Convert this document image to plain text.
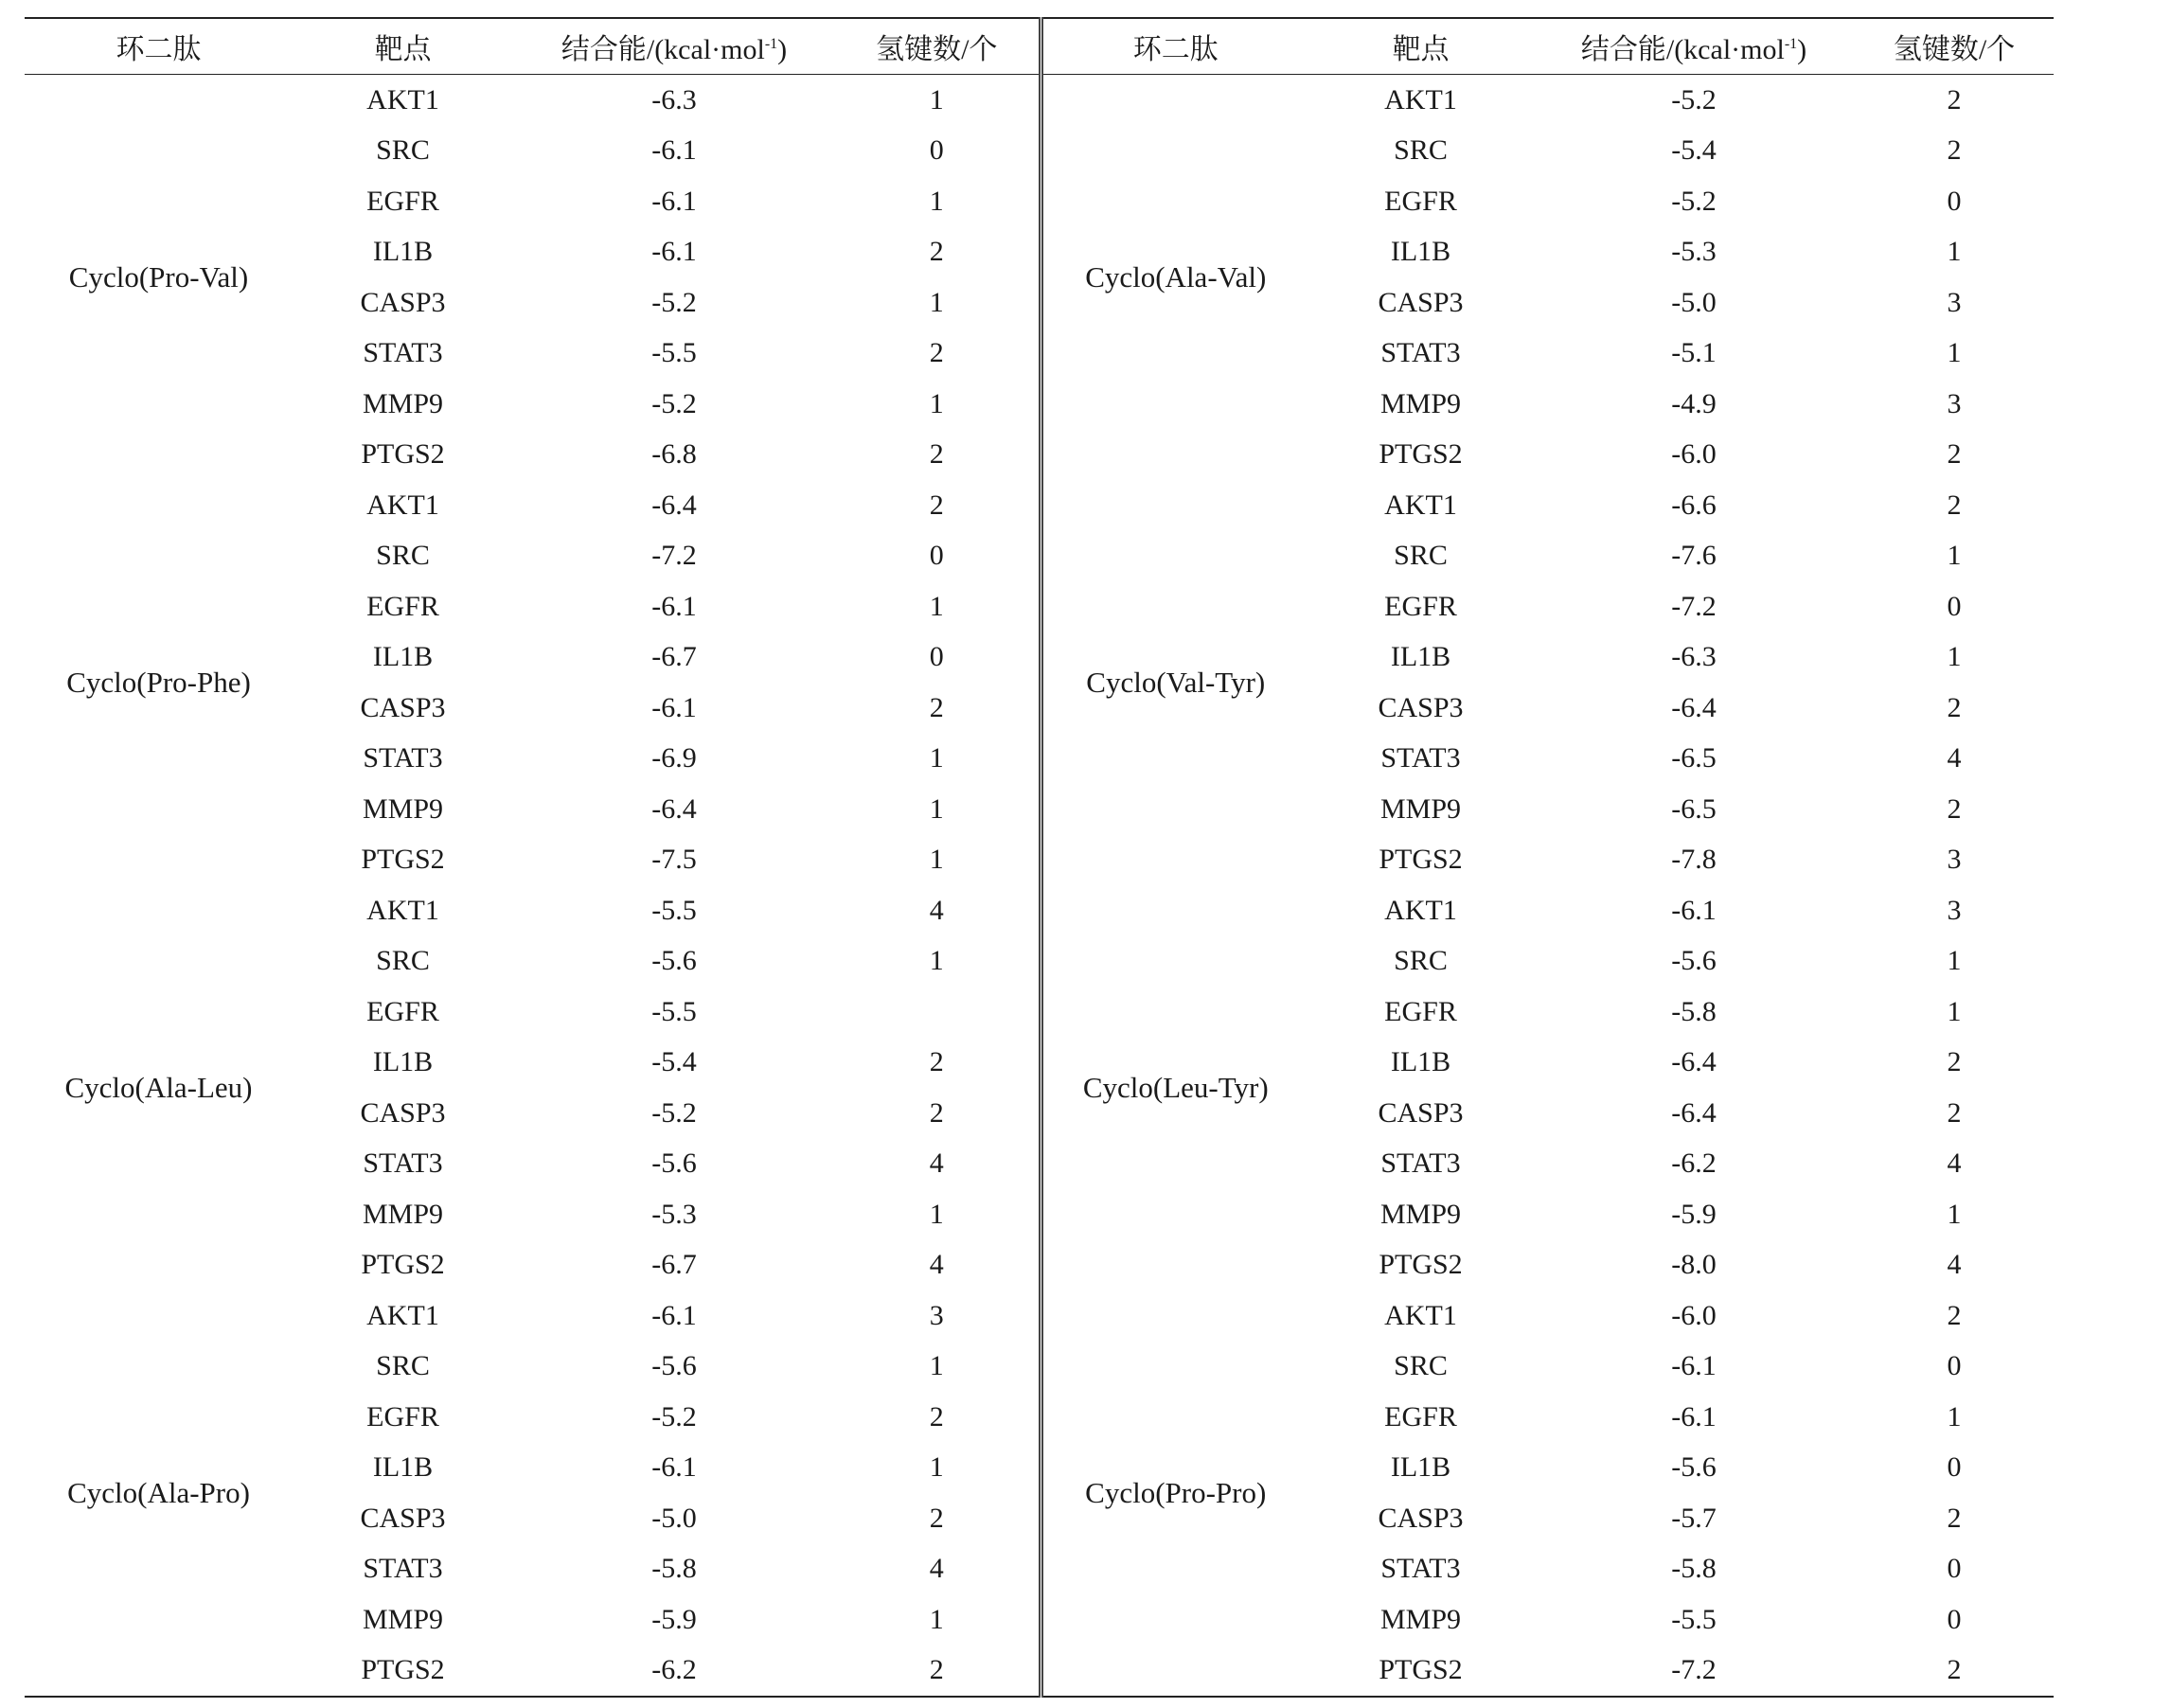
环二肽	靶点	结合能/(kcal·mol$^{-1}$)	氢键数/个	环二肽	靶点	结合能/(kcal·mol$^{-1}$)	氢键数/个
Cyclo(Pro-Val)	AKT1	-6.3	1	Cyclo(Ala-Val)	AKT1	-5.2	2
	SRC	-6.1	0		SRC	-5.4	2
	EGFR	-6.1	1		EGFR	-5.2	0
	IL1B	-6.1	2		IL1B	-5.3	1
	CASP3	-5.2	1		CASP3	-5.0	3
	STAT3	-5.5	2		STAT3	-5.1	1
	MMP9	-5.2	1		MMP9	-4.9	3
	PTGS2	-6.8	2		PTGS2	-6.0	2
Cyclo(Pro-Phe)	AKT1	-6.4	2	Cyclo(Val-Tyr)	AKT1	-6.6	2
	SRC	-7.2	0		SRC	-7.6	1
	EGFR	-6.1	1		EGFR	-7.2	0
	IL1B	-6.7	0		IL1B	-6.3	1
	CASP3	-6.1	2		CASP3	-6.4	2
	STAT3	-6.9	1		STAT3	-6.5	4
	MMP9	-6.4	1		MMP9	-6.5	2
	PTGS2	-7.5	1		PTGS2	-7.8	3
Cyclo(Ala-Leu)	AKT1	-5.5	4	Cyclo(Leu-Tyr)	AKT1	-6.1	3
	SRC	-5.6	1		SRC	-5.6	1
	EGFR	-5.5			EGFR	-5.8	1
	IL1B	-5.4	2		IL1B	-6.4	2
	CASP3	-5.2	2		CASP3	-6.4	2
	STAT3	-5.6	4		STAT3	-6.2	4
	MMP9	-5.3	1		MMP9	-5.9	1
	PTGS2	-6.7	4		PTGS2	-8.0	4
Cyclo(Ala-Pro)	AKT1	-6.1	3	Cyclo(Pro-Pro)	AKT1	-6.0	2
	SRC	-5.6	1		SRC	-6.1	0
	EGFR	-5.2	2		EGFR	-6.1	1
	IL1B	-6.1	1		IL1B	-5.6	0
	CASP3	-5.0	2		CASP3	-5.7	2
	STAT3	-5.8	4		STAT3	-5.8	0
	MMP9	-5.9	1		MMP9	-5.5	0
	PTGS2	-6.2	2		PTGS2	-7.2	2
